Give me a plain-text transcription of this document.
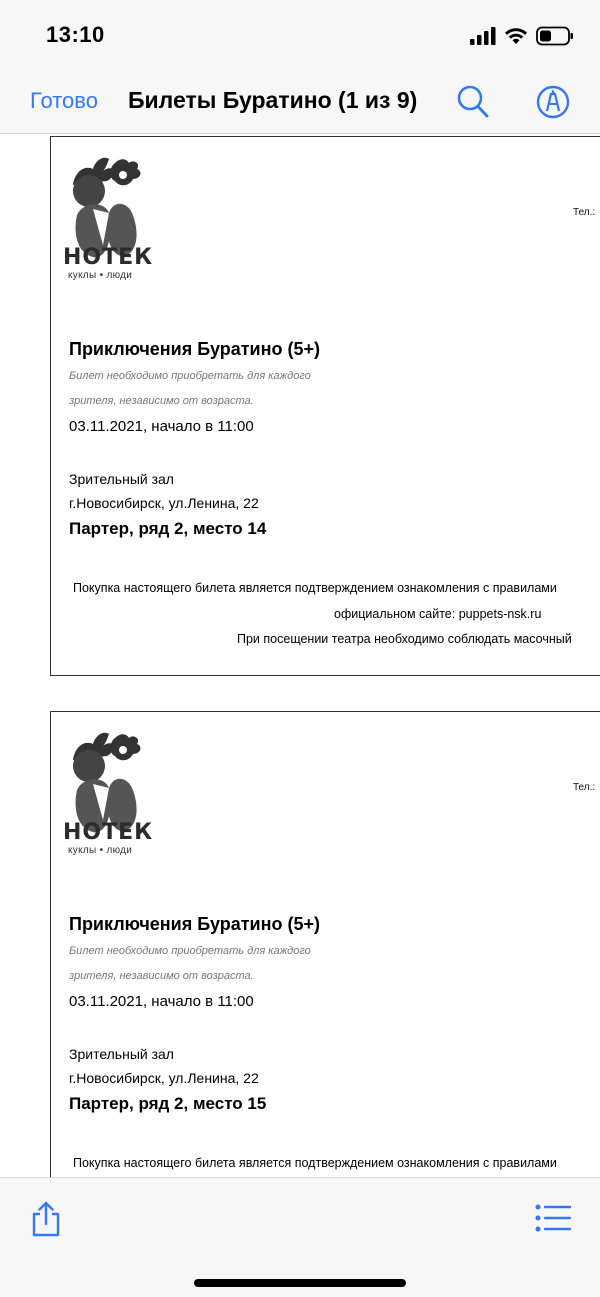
13:10
Готово Билеты Буратино (1 из 9)
НОТЕК
куклы • люди
Тел.:
Приключения Буратино (5+)
Билет необходимо приобретать для каждого
зрителя, независимо от возраста.
03.11.2021, начало в 11:00
Зрительный зал
г.Новосибирск, ул.Ленина, 22
Партер, ряд 2, место 14
Покупка настоящего билета является подтверждением ознакомления с правилами
официальном сайте: puppets-nsk.ru
При посещении театра необходимо соблюдать масочный
НОТЕК
куклы • люди
Тел.:
Приключения Буратино (5+)
Билет необходимо приобретать для каждого
зрителя, независимо от возраста.
03.11.2021, начало в 11:00
Зрительный зал
г.Новосибирск, ул.Ленина, 22
Партер, ряд 2, место 15
Покупка настоящего билета является подтверждением ознакомления с правилами
